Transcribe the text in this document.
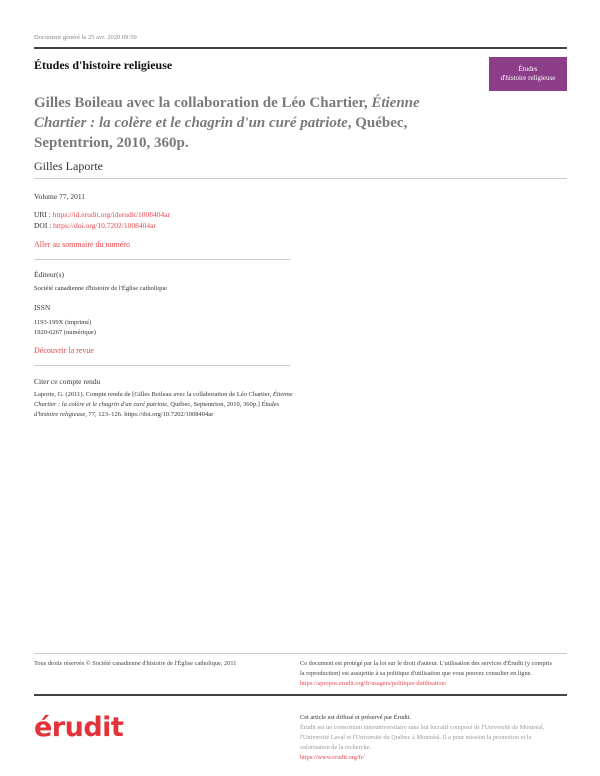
Document généré le 25 avr. 2020 09:59
Études d'histoire religieuse	Études
d'histoire religieuse
Gilles Boileau avec la collaboration de Léo Chartier, Étienne Chartier : la colère et le chagrin d'un curé patriote, Québec, Septentrion, 2010, 360p.
Gilles Laporte
Volume 77, 2011
URI : https://id.erudit.org/iderudit/1008404ar
DOI : https://doi.org/10.7202/1008404ar
Aller au sommaire du numéro
Éditeur(s)
Société canadienne d'histoire de l'Église catholique
ISSN
1193-199X (imprimé)
1920-6267 (numérique)
Découvrir la revue
Citer ce compte rendu
Laporte, G. (2011). Compte rendu de [Gilles Boileau avec la collaboration de Léo Chartier, Étienne Chartier : la colère et le chagrin d'un curé patriote, Québec, Septentrion, 2010, 360p.] Études d'histoire religieuse, 77, 123–126. https://doi.org/10.7202/1008404ar
Tous droits réservés © Société canadienne d'histoire de l'Église catholique, 2011	Ce document est protégé par la loi sur le droit d'auteur. L'utilisation des services d'Érudit (y compris la reproduction) est assujettie à sa politique d'utilisation que vous pouvez consulter en ligne.
https://apropos.erudit.org/fr/usagers/politique-dutilisation/
érudit	Cet article est diffusé et préservé par Érudit.
Érudit est un consortium interuniversitaire sans but lucratif composé de l'Université de Montréal, l'Université Laval et l'Université du Québec à Montréal. Il a pour mission la promotion et la valorisation de la recherche.
https://www.erudit.org/fr/
